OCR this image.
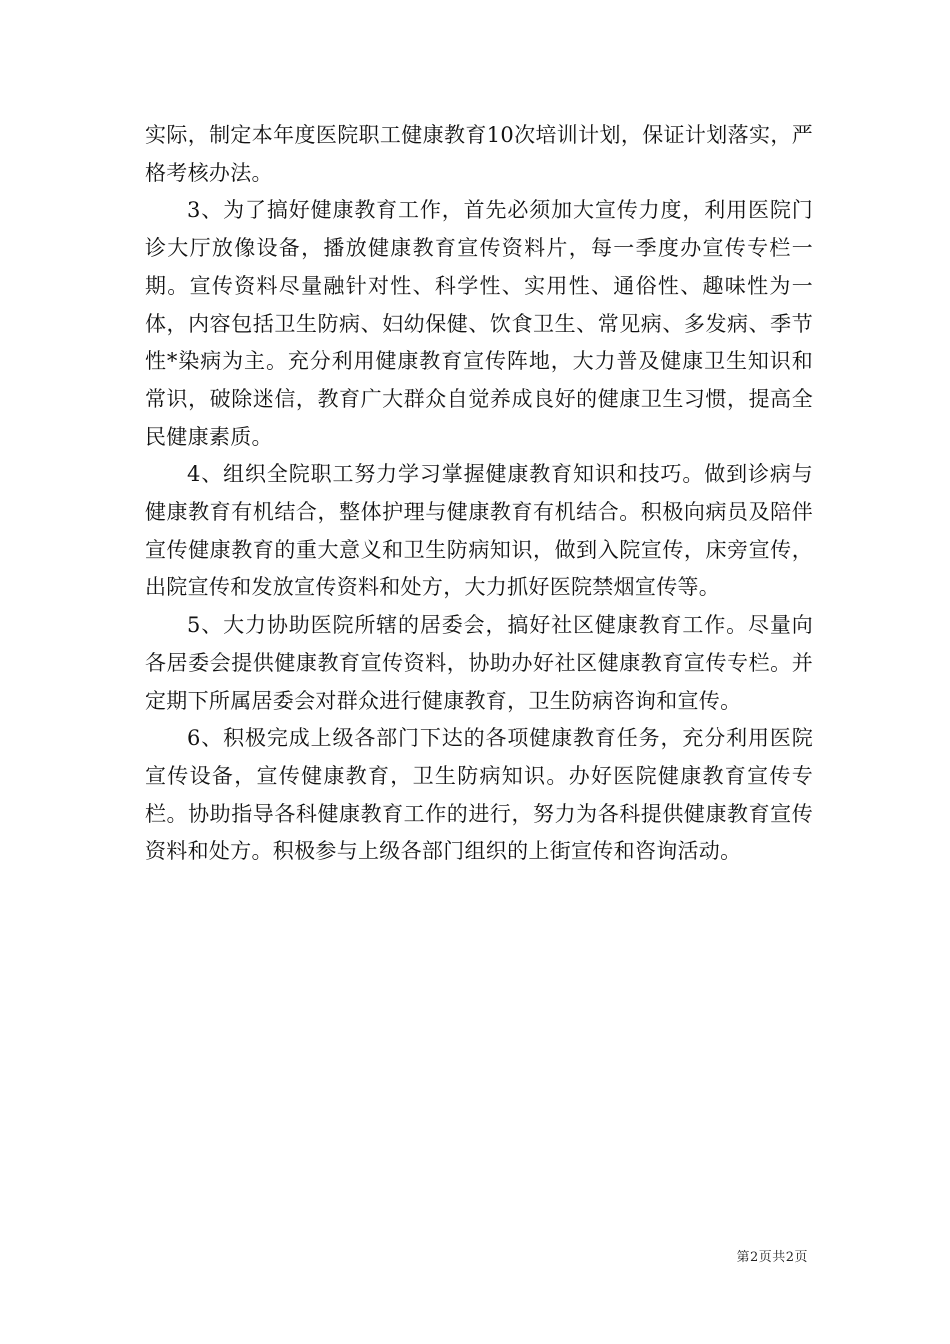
实际，制定本年度医院职工健康教育10次培训计划，保证计划落实，严格考核办法。

3、为了搞好健康教育工作，首先必须加大宣传力度，利用医院门诊大厅放像设备，播放健康教育宣传资料片，每一季度办宣传专栏一期。宣传资料尽量融针对性、科学性、实用性、通俗性、趣味性为一体，内容包括卫生防病、妇幼保健、饮食卫生、常见病、多发病、季节性*染病为主。充分利用健康教育宣传阵地，大力普及健康卫生知识和常识，破除迷信，教育广大群众自觉养成良好的健康卫生习惯，提高全民健康素质。

4、组织全院职工努力学习掌握健康教育知识和技巧。做到诊病与健康教育有机结合，整体护理与健康教育有机结合。积极向病员及陪伴宣传健康教育的重大意义和卫生防病知识，做到入院宣传，床旁宣传，出院宣传和发放宣传资料和处方，大力抓好医院禁烟宣传等。

5、大力协助医院所辖的居委会，搞好社区健康教育工作。尽量向各居委会提供健康教育宣传资料，协助办好社区健康教育宣传专栏。并定期下所属居委会对群众进行健康教育，卫生防病咨询和宣传。

6、积极完成上级各部门下达的各项健康教育任务，充分利用医院宣传设备，宣传健康教育，卫生防病知识。办好医院健康教育宣传专栏。协助指导各科健康教育工作的进行，努力为各科提供健康教育宣传资料和处方。积极参与上级各部门组织的上街宣传和咨询活动。

第2页共2页
